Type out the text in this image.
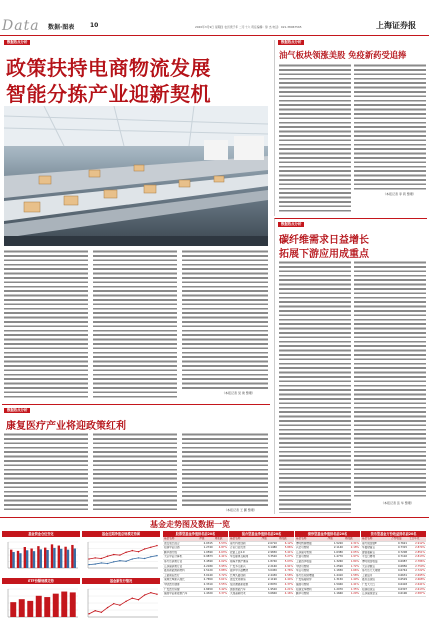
Data 数据·图表	10	2020年3月9日 星期四 农历庚子年 二月十六 责任编辑：徐 杰 电话：021-38967565	上海证券报
数据热点分析
政策扶持电商物流发展
智能分拣产业迎新契机
（本报记者 吴 建 整理）
数据热点分析
康复医疗产业将迎政策红利
（本报记者 王 鹏 整理）
数据热点分析
油气板块领涨美股 免疫新药受追捧
（本报记者 李 莉 整理）
数据热点分析
碳纤维需求日益增长
拓展下游应用成重点
（本报记者 张 华 整理）
基金走势图及数据一览
基金资金仓位变化	基金近期净值总规模走势图
ETF份额规模走势	基金新发行情况
股票型基金净值排名前20名
基金名称	净值	周涨跌
诺安成长混合	2.0315	5.53%
招商中证白酒	1.2740	4.87%
鹏华酒分级	1.0590	4.63%
天弘中证计算机	0.9873	4.41%
易方达消费行业	3.4590	4.02%
汇添富消费行业	4.2180	3.95%
嘉实新能源新材料	2.5120	3.88%
工银前沿医疗	3.0140	3.72%
景顺长城新兴成长	2.7650	3.61%
中欧医疗健康	2.3310	3.55%
广发医疗保健	2.8450	3.42%
富国中证新能源汽车	1.4320	3.37%
混合型基金净值排名前20名
基金名称	净值	周涨跌
南方科技创新	2.6710	6.12%
万家行业优选	3.1480	5.86%
农银工业4.0	2.9830	5.41%
华安媒体互联网	3.3520	5.27%
前海开源沪港深	1.8740	5.03%
广发多元新兴	2.2160	4.91%
银华中小盘精选	3.0450	4.76%
长城久嘉创新	2.4430	4.58%
诺安先进制造	2.1190	4.44%
信达澳银新能源	2.8970	4.37%
国泰智能汽车	1.9520	4.21%
大成高新技术	3.6840	4.16%
债券型基金净值排名前20名
基金名称	净值	周涨跌
博时转债增强	1.5220	2.31%
兴全可转债	2.1140	2.18%
汇添富可转债	1.6380	2.05%
长信可转债	1.4770	1.97%
工银四季收益	1.3260	1.84%
中欧可转债	1.2590	1.72%
华宝可转债	1.1830	1.66%
易方达双债增强	1.4410	1.58%
广发集裕债券	1.3150	1.49%
富国可转债	1.5940	1.41%
招商安本增利	1.2070	1.35%
鹏华可转债	1.1660	1.29%
货币型基金万份收益排名前20名
基金名称	万份收益	七日年化
南方现金通E	0.7621	2.912%
华夏财富宝	0.7315	2.874%
建信嘉薪宝	0.7208	2.851%
平安日增利	0.7102	2.813%
博时现金收益	0.6987	2.786%
天弘余额宝	0.6856	2.750%
易方达天天理财	0.6744	2.722%
工银货币	0.6631	2.695%
嘉实活钱包	0.6529	2.668%
广发天天红	0.6418	2.641%
招商招钱宝	0.6307	2.613%
汇添富现金宝	0.6196	2.587%
